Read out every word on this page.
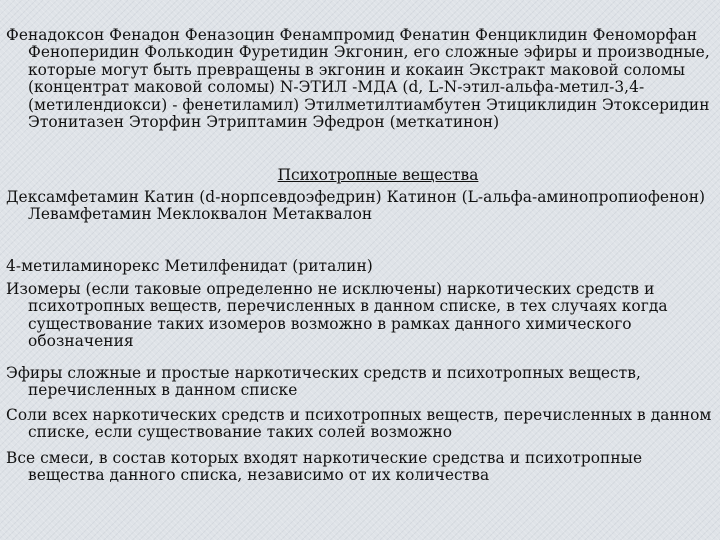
Фенадоксон Фенадон Феназоцин Фенампромид Фенатин Фенциклидин Феноморфан Феноперидин Фолькодин Фуретидин Экгонин, его сложные эфиры и производные, которые могут быть превращены в экгонин и кокаин Экстракт маковой соломы (концентрат маковой соломы) N-ЭТИЛ -МДА (d, L-N-этил-альфа-метил-3,4-(метилендиокси) - фенетиламил) Этилметилтиамбутен Этициклидин Этоксеридин Этонитазен Эторфин Этриптамин Эфедрон (меткатинон)

Психотропные вещества

Декcамфетамин Катин (d-норпсевдоэфедрин) Катинон (L-альфа-аминопропиофенон) Левамфетамин Меклоквалон Метаквалон

4-метиламинорекс Метилфенидат (риталин)

Изомеры (если таковые определенно не исключены) наркотических средств и психотропных веществ, перечисленных в данном списке, в тех случаях когда существование таких изомеров возможно в рамках данного химического обозначения

Эфиры сложные и простые наркотических средств и психотропных веществ, перечисленных в данном списке

Соли всех наркотических средств и психотропных веществ, перечисленных в данном списке, если существование таких солей возможно

Все смеси, в состав которых входят наркотические средства и психотропные вещества данного списка, независимо от их количества
